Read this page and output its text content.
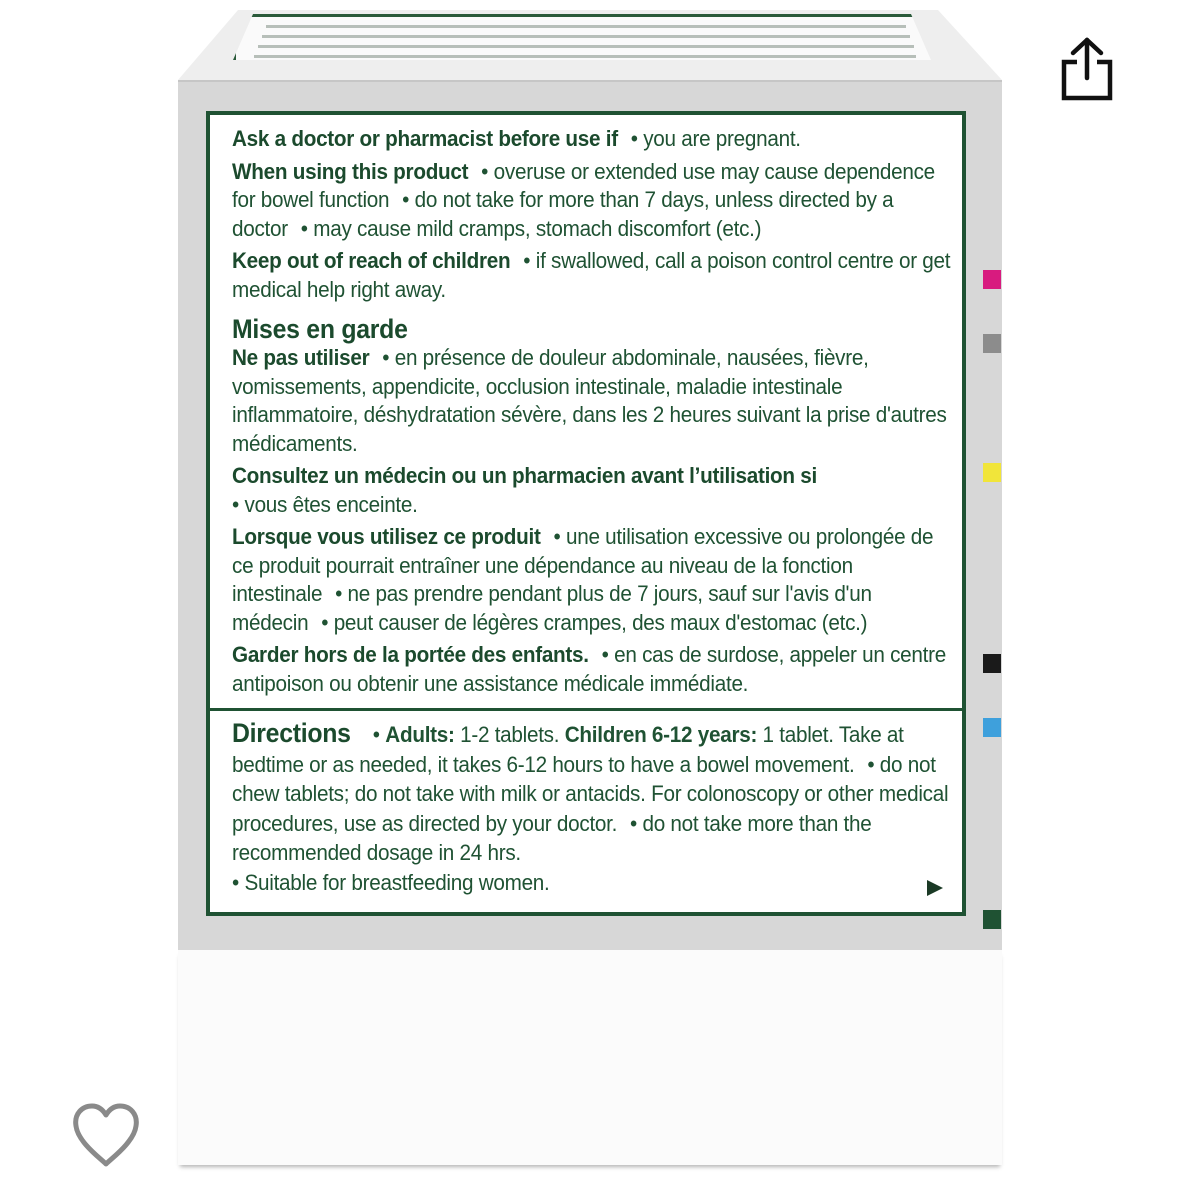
Ask a doctor or pharmacist before use if • you are pregnant.

When using this product • overuse or extended use may cause dependence for bowel function • do not take for more than 7 days, unless directed by a doctor • may cause mild cramps, stomach discomfort (etc.)

Keep out of reach of children • if swallowed, call a poison control centre or get medical help right away.

Mises en garde

Ne pas utiliser • en présence de douleur abdominale, nausées, fièvre, vomissements, appendicite, occlusion intestinale, maladie intestinale inflammatoire, déshydratation sévère, dans les 2 heures suivant la prise d'autres médicaments.

Consultez un médecin ou un pharmacien avant l’utilisation si
• vous êtes enceinte.

Lorsque vous utilisez ce produit • une utilisation excessive ou prolongée de ce produit pourrait entraîner une dépendance au niveau de la fonction intestinale • ne pas prendre pendant plus de 7 jours, sauf sur l'avis d'un médecin • peut causer de légères crampes, des maux d'estomac (etc.)

Garder hors de la portée des enfants. • en cas de surdose, appeler un centre antipoison ou obtenir une assistance médicale immédiate.

Directions • Adults: 1-2 tablets. Children 6-12 years: 1 tablet. Take at bedtime or as needed, it takes 6-12 hours to have a bowel movement. • do not chew tablets; do not take with milk or antacids. For colonoscopy or other medical procedures, use as directed by your doctor. • do not take more than the recommended dosage in 24 hrs.
• Suitable for breastfeeding women.
